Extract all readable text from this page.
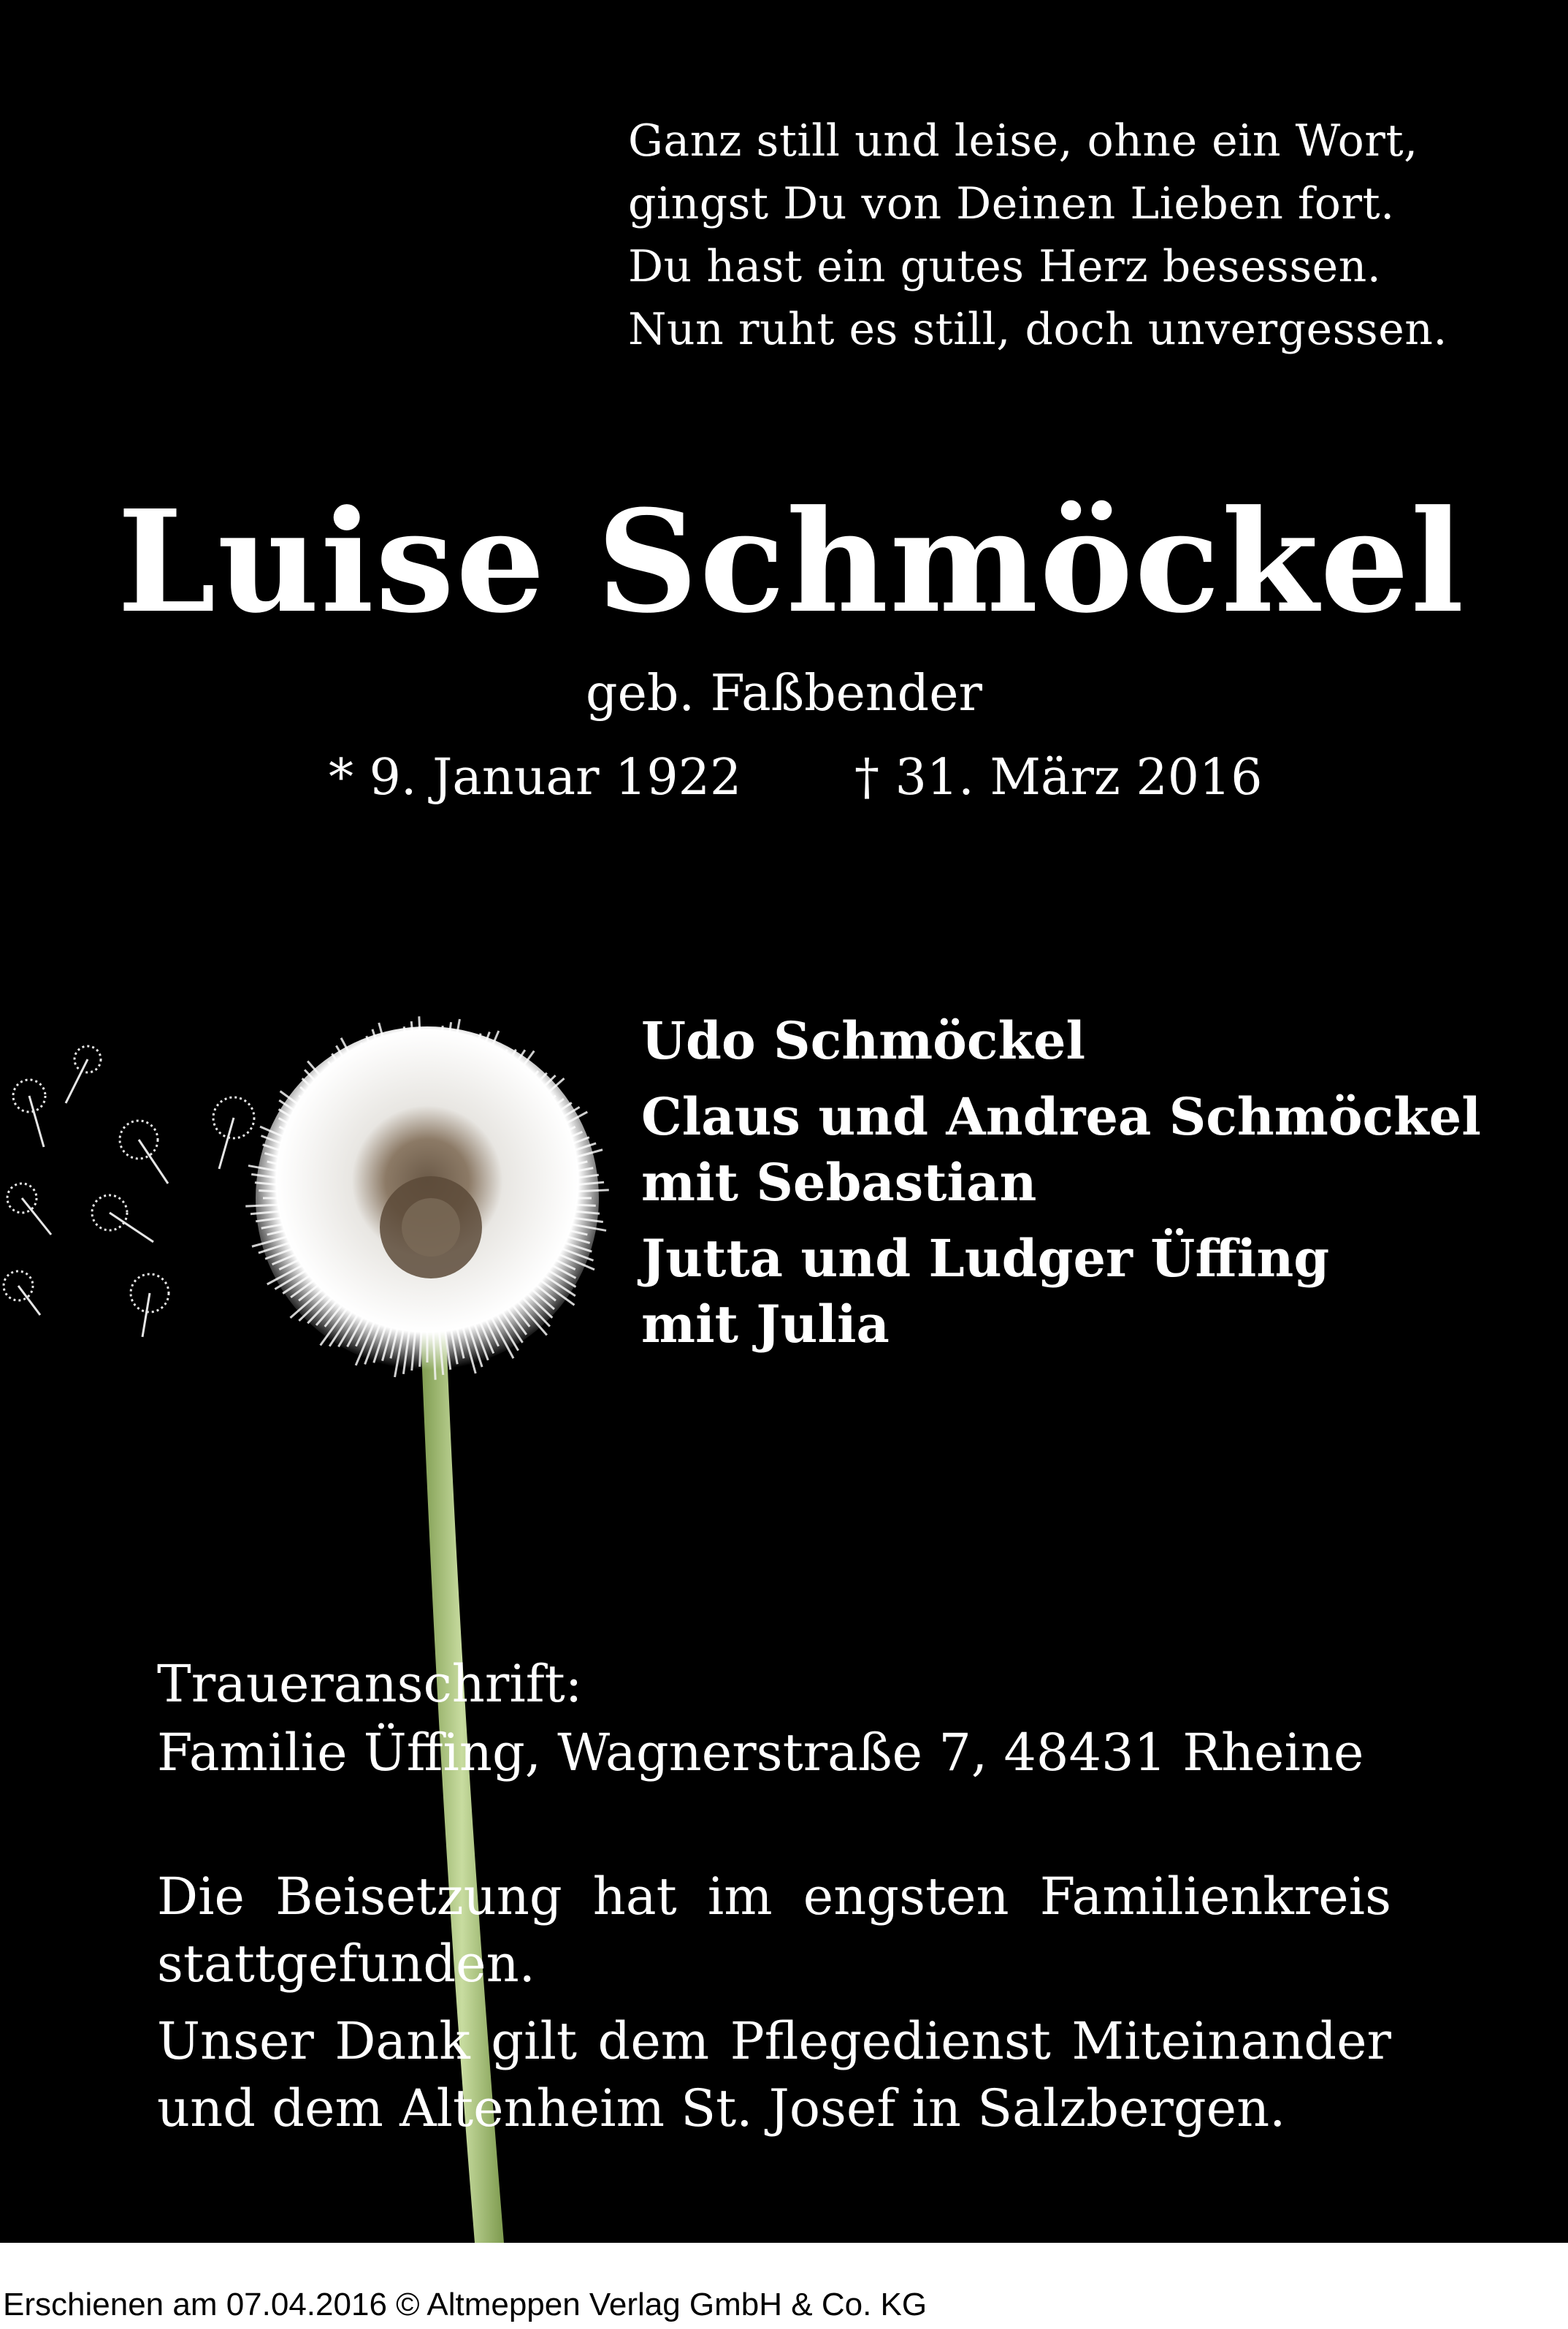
Ganz still und leise, ohne ein Wort,
gingst Du von Deinen Lieben fort.
Du hast ein gutes Herz besessen.
Nun ruht es still, doch unvergessen.
Luise Schmöckel
geb. Faßbender
* 9. Januar 1922 † 31. März 2016
Udo Schmöckel
Claus und Andrea Schmöckel
mit Sebastian
Jutta und Ludger Üffing
mit Julia
Traueranschrift:
Familie Üffing, Wagnerstraße 7, 48431 Rheine

Die Beisetzung hat im engsten Familienkreis stattgefunden.

Unser Dank gilt dem Pflegedienst Miteinander und dem Altenheim St. Josef in Salzbergen.

Erschienen am 07.04.2016 © Altmeppen Verlag GmbH & Co. KG
